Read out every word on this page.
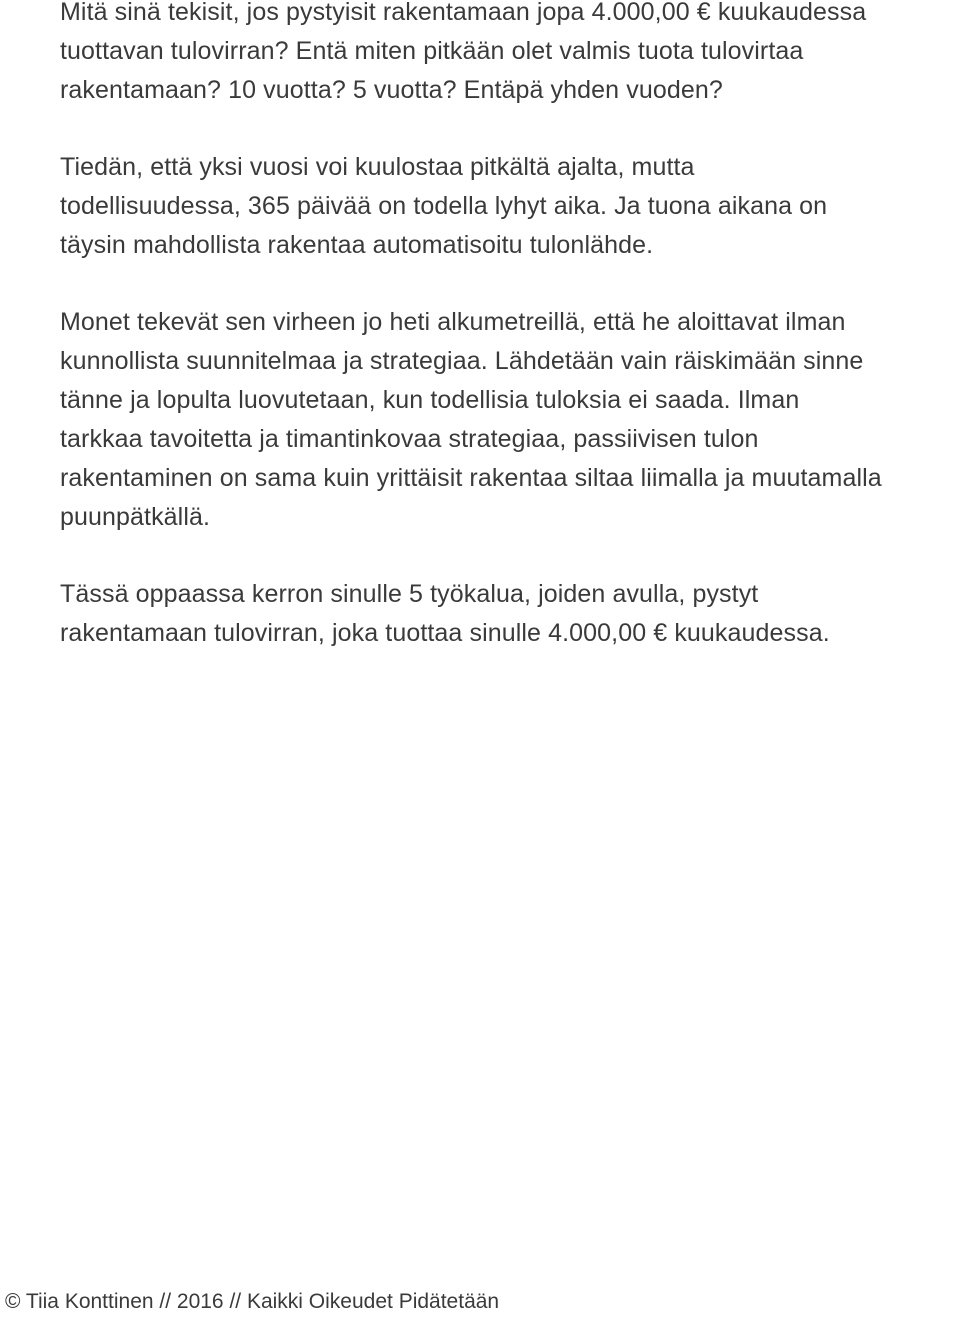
Mitä sinä tekisit, jos pystyisit rakentamaan jopa 4.000,00 € kuukaudessa
tuottavan tulovirran? Entä miten pitkään olet valmis tuota tulovirtaa
rakentamaan? 10 vuotta? 5 vuotta? Entäpä yhden vuoden?

Tiedän, että yksi vuosi voi kuulostaa pitkältä ajalta, mutta
todellisuudessa, 365 päivää on todella lyhyt aika. Ja tuona aikana on
täysin mahdollista rakentaa automatisoitu tulonlähde.

Monet tekevät sen virheen jo heti alkumetreillä, että he aloittavat ilman
kunnollista suunnitelmaa ja strategiaa. Lähdetään vain räiskimään sinne
tänne ja lopulta luovutetaan, kun todellisia tuloksia ei saada. Ilman
tarkkaa tavoitetta ja timantinkovaa strategiaa, passiivisen tulon
rakentaminen on sama kuin yrittäisit rakentaa siltaa liimalla ja muutamalla
puunpätkällä.

Tässä oppaassa kerron sinulle 5 työkalua, joiden avulla, pystyt
rakentamaan tulovirran, joka tuottaa sinulle 4.000,00 € kuukaudessa.

© Tiia Konttinen // 2016 // Kaikki Oikeudet Pidätetään
